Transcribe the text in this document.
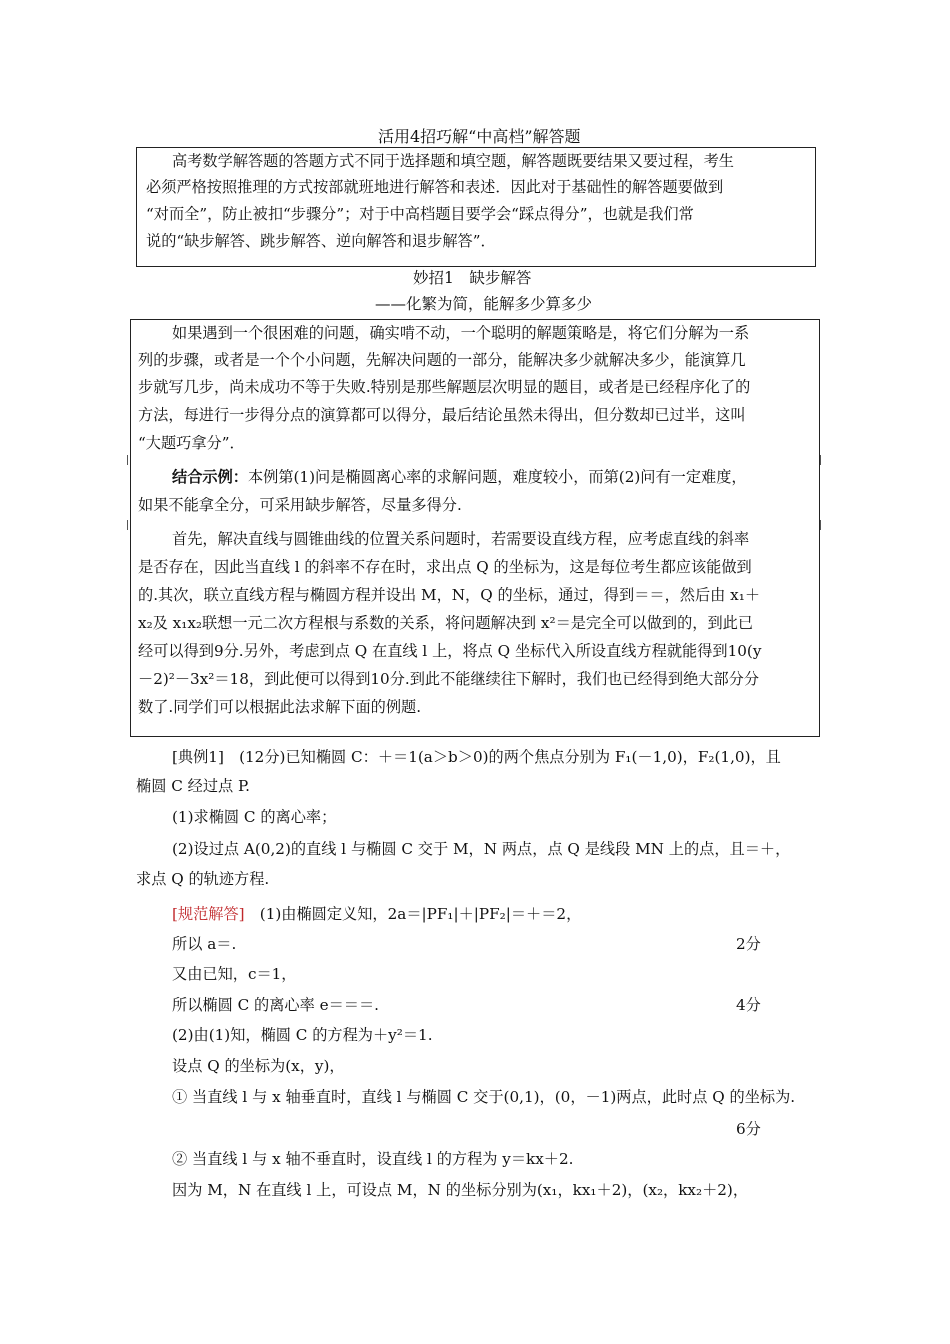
活用4招巧解“中高档”解答题
高考数学解答题的答题方式不同于选择题和填空题，解答题既要结果又要过程，考生
必须严格按照推理的方式按部就班地进行解答和表述．因此对于基础性的解答题要做到
“对而全”，防止被扣“步骤分”；对于中高档题目要学会“踩点得分”，也就是我们常
说的“缺步解答、跳步解答、逆向解答和退步解答”．
妙招1　缺步解答
——化繁为简，能解多少算多少
如果遇到一个很困难的问题，确实啃不动，一个聪明的解题策略是，将它们分解为一系
列的步骤，或者是一个个小问题，先解决问题的一部分，能解决多少就解决多少，能演算几
步就写几步，尚未成功不等于失败.特别是那些解题层次明显的题目，或者是已经程序化了的
方法，每进行一步得分点的演算都可以得分，最后结论虽然未得出，但分数却已过半，这叫
“大题巧拿分”．
结合示例：本例第(1)问是椭圆离心率的求解问题，难度较小，而第(2)问有一定难度，
如果不能拿全分，可采用缺步解答，尽量多得分.
首先，解决直线与圆锥曲线的位置关系问题时，若需要设直线方程，应考虑直线的斜率
是否存在，因此当直线 l 的斜率不存在时，求出点 Q 的坐标为，这是每位考生都应该能做到
的.其次，联立直线方程与椭圆方程并设出 M，N，Q 的坐标，通过，得到＝＝，然后由 x₁＋
x₂及 x₁x₂联想一元二次方程根与系数的关系，将问题解决到 x²＝是完全可以做到的，到此已
经可以得到9分.另外，考虑到点 Q 在直线 l 上，将点 Q 坐标代入所设直线方程就能得到10(y
－2)²－3x²＝18，到此便可以得到10分.到此不能继续往下解时，我们也已经得到绝大部分分
数了.同学们可以根据此法求解下面的例题.
[典例1]　(12分)已知椭圆 C：＋＝1(a＞b＞0)的两个焦点分别为 F₁(－1,0)，F₂(1,0)，且
椭圆 C 经过点 P.
(1)求椭圆 C 的离心率；
(2)设过点 A(0,2)的直线 l 与椭圆 C 交于 M，N 两点，点 Q 是线段 MN 上的点，且＝＋，
求点 Q 的轨迹方程.
[规范解答]  (1)由椭圆定义知，2a＝|PF₁|＋|PF₂|＝＋＝2，
所以 a＝.	2分
又由已知，c＝1，
所以椭圆 C 的离心率 e＝＝＝.	4分
(2)由(1)知，椭圆 C 的方程为＋y²＝1.
设点 Q 的坐标为(x，y)，
① 当直线 l 与 x 轴垂直时，直线 l 与椭圆 C 交于(0,1)，(0，－1)两点，此时点 Q 的坐标为.
6分
② 当直线 l 与 x 轴不垂直时，设直线 l 的方程为 y＝kx＋2.
因为 M，N 在直线 l 上，可设点 M，N 的坐标分别为(x₁，kx₁＋2)，(x₂，kx₂＋2)，
